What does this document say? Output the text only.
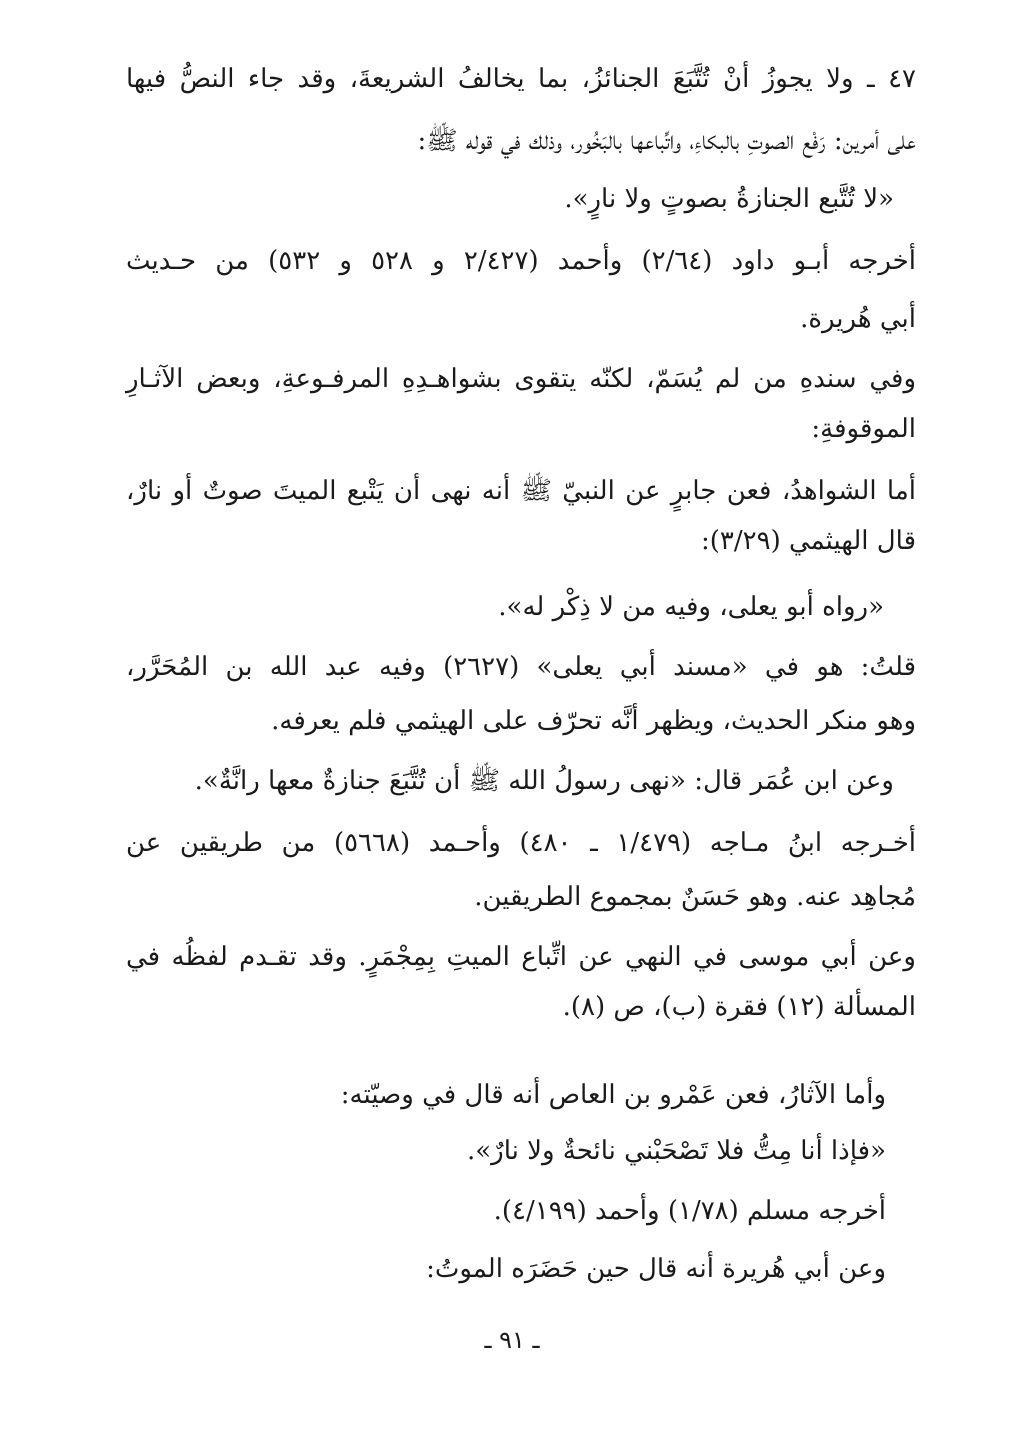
٤٧ ـ ولا يجوزُ أنْ تُتَّبَعَ الجنائزُ، بما يخالفُ الشريعةَ، وقد جاء النصُّ فيها
على أمرين: رَفْع الصوتِ بالبكاءِ، واتِّباعها بالبَخُور، وذلك في قوله ﷺ:
«لا تُتَّبع الجنازةُ بصوتٍ ولا نارٍ».
أخرجه أبـو داود (٢/٦٤) وأحمد (٢/٤٢٧ و ٥٢٨ و ٥٣٢) من حـديث
أبي هُريرة.
وفي سندهِ من لم يُسَمّ، لكنّه يتقوى بشواهـدِهِ المرفـوعةِ، وبعض الآثـارِ
الموقوفةِ:
أما الشواهدُ، فعن جابرٍ عن النبيّ ﷺ أنه نهى أن يَتْبع الميتَ صوتٌ أو نارٌ،
قال الهيثمي (٣/٢٩):
«رواه أبو يعلى، وفيه من لا ذِكْر له».
قلتُ: هو في «مسند أبي يعلى» (٢٦٢٧) وفيه عبد الله بن المُحَرَّر،
وهو منكر الحديث، ويظهر أنَّه تحرّف على الهيثمي فلم يعرفه.
وعن ابن عُمَر قال: «نهى رسولُ الله ﷺ أن تُتَّبَعَ جنازةٌ معها رانَّةٌ».
أخـرجه ابنُ مـاجه (١/٤٧٩ ـ ٤٨٠) وأحـمد (٥٦٦٨) من طريقين عن
مُجاهِد عنه. وهو حَسَنٌ بمجموع الطريقين.
وعن أبي موسى في النهي عن اتِّباع الميتِ بِمِجْمَرٍ. وقد تقـدم لفظُه في
المسألة (١٢) فقرة (ب)، ص (٨).
وأما الآثارُ، فعن عَمْرو بن العاص أنه قال في وصيّته:
«فإذا أنا مِتُّ فلا تَصْحَبْني نائحةٌ ولا نارٌ».
أخرجه مسلم (١/٧٨) وأحمد (٤/١٩٩).
وعن أبي هُريرة أنه قال حين حَضَرَه الموتُ:
ـ ٩١ ـ
